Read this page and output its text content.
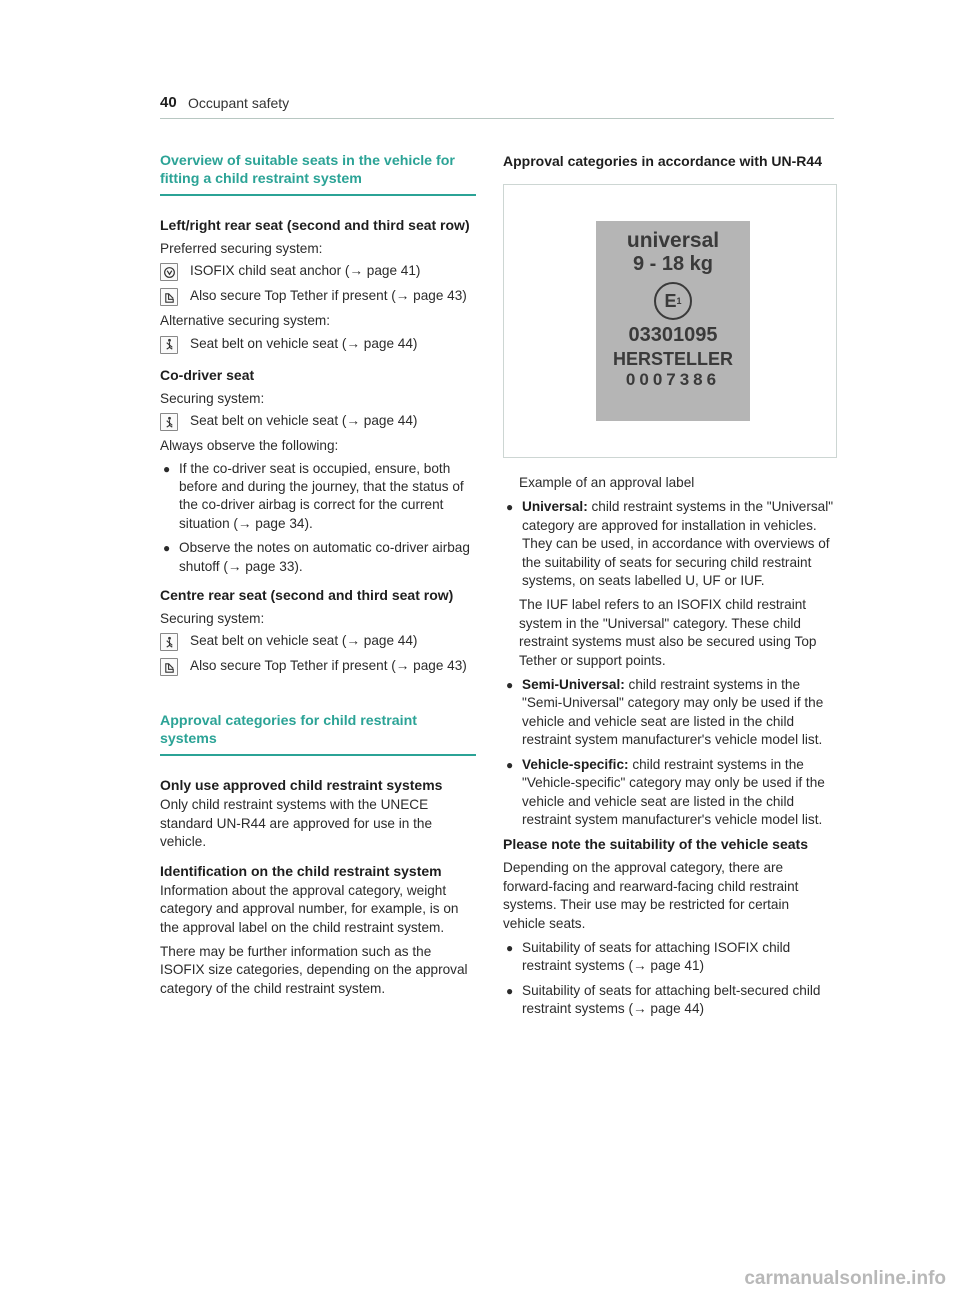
40 Occupant safety
Overview of suitable seats in the vehicle for fitting a child restraint system
Left/right rear seat (second and third seat row)
Preferred securing system:
ISOFIX child seat anchor (→ page 41)
Also secure Top Tether if present (→ page 43)
Alternative securing system:
Seat belt on vehicle seat (→ page 44)
Co-driver seat
Securing system:
Seat belt on vehicle seat (→ page 44)
Always observe the following:
● If the co-driver seat is occupied, ensure, both before and during the journey, that the status of the co-driver airbag is correct for the current situation (→ page 34).
● Observe the notes on automatic co-driver airbag shutoff (→ page 33).
Centre rear seat (second and third seat row)
Securing system:
Seat belt on vehicle seat (→ page 44)
Also secure Top Tether if present (→ page 43)
Approval categories for child restraint systems
Only use approved child restraint systems
Only child restraint systems with the UNECE standard UN-R44 are approved for use in the vehicle.
Identification on the child restraint system
Information about the approval category, weight category and approval number, for example, is on the approval label on the child restraint system.
There may be further information such as the ISOFIX size categories, depending on the approval category of the child restraint system.
Approval categories in accordance with UN-R44
universal
9 - 18 kg
E 1
03301095
HERSTELLER
0007386
Example of an approval label
● Universal: child restraint systems in the "Universal" category are approved for installation in vehicles. They can be used, in accordance with overviews of the suitability of seats for securing child restraint systems, on seats labelled U, UF or IUF.
The IUF label refers to an ISOFIX child restraint system in the "Universal" category. These child restraint systems must also be secured using Top Tether or support points.
● Semi-Universal: child restraint systems in the "Semi-Universal" category may only be used if the vehicle and vehicle seat are listed in the child restraint system manufacturer's vehicle model list.
● Vehicle-specific: child restraint systems in the "Vehicle-specific" category may only be used if the vehicle and vehicle seat are listed in the child restraint system manufacturer's vehicle model list.
Please note the suitability of the vehicle seats
Depending on the approval category, there are forward-facing and rearward-facing child restraint systems. Their use may be restricted for certain vehicle seats.
● Suitability of seats for attaching ISOFIX child restraint systems (→ page 41)
● Suitability of seats for attaching belt-secured child restraint systems (→ page 44)
carmanualsonline.info
